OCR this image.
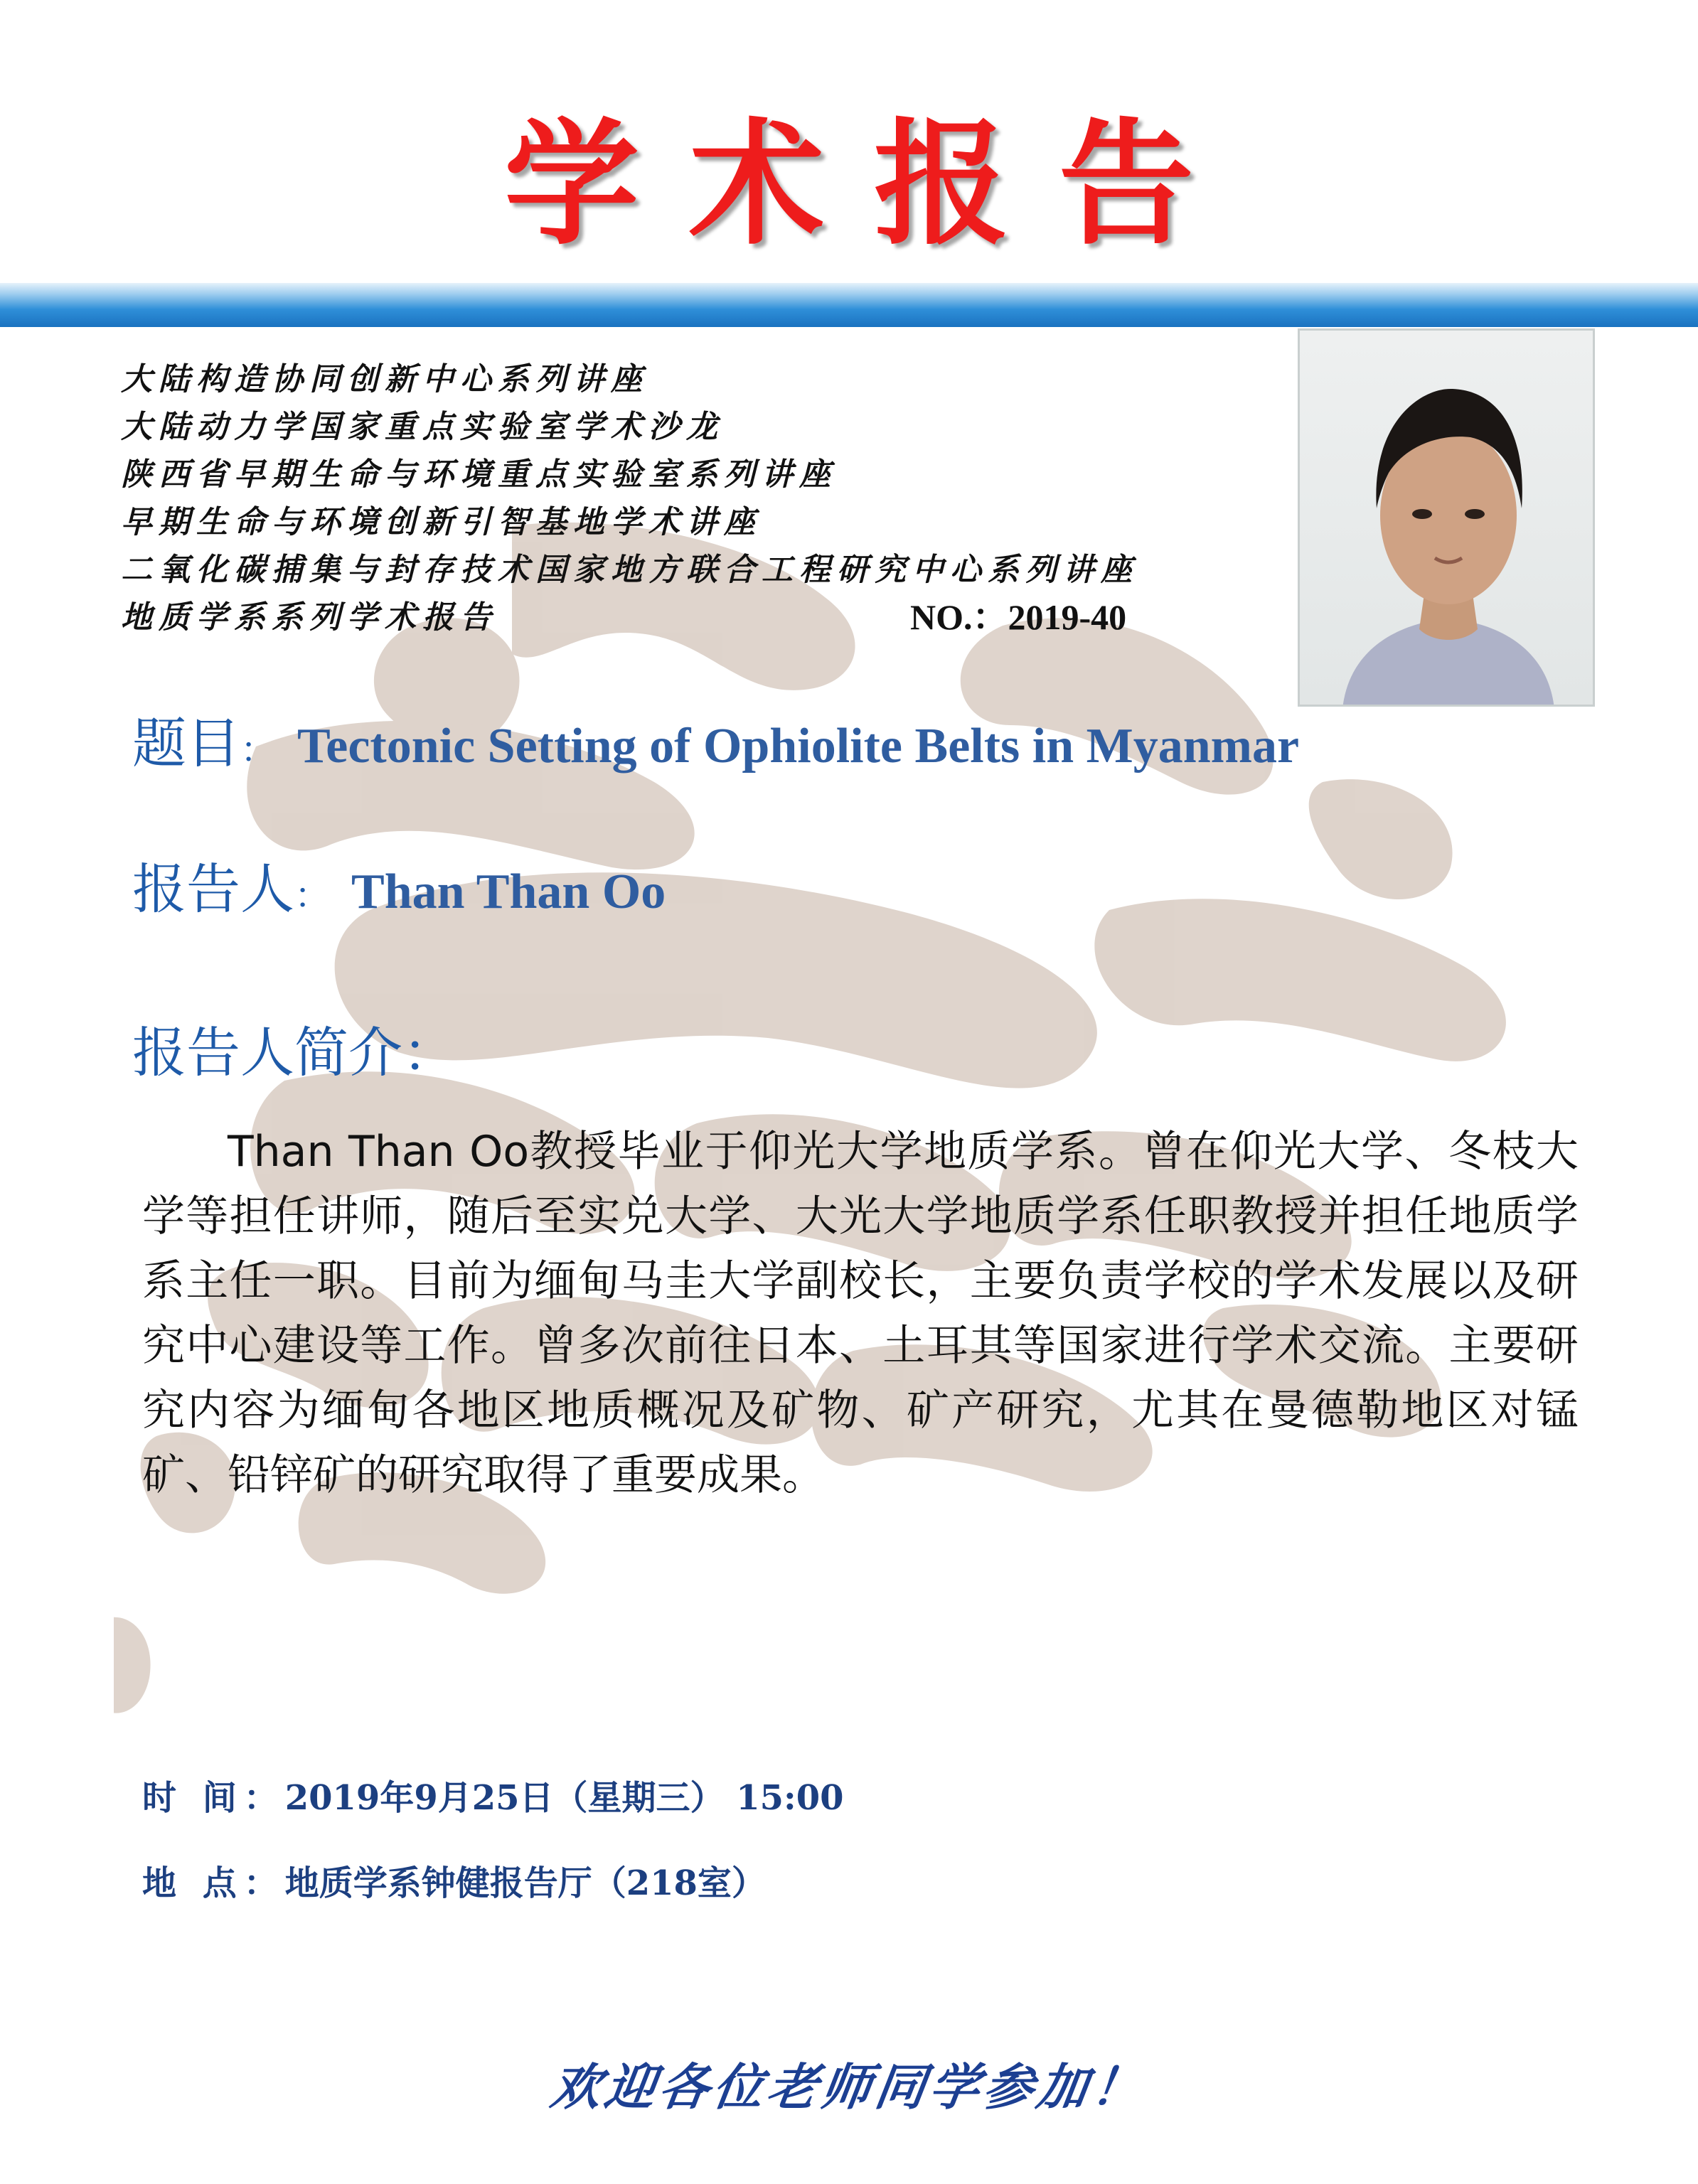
学术报告
大陆构造协同创新中心系列讲座
大陆动力学国家重点实验室学术沙龙
陕西省早期生命与环境重点实验室系列讲座
早期生命与环境创新引智基地学术讲座
二氧化碳捕集与封存技术国家地方联合工程研究中心系列讲座
地质学系系列学术报告	NO.：2019-40
题目： Tectonic Setting of Ophiolite Belts in Myanmar
报告人： Than Than Oo
报告人简介：
Than Than Oo教授毕业于仰光大学地质学系。曾在仰光大学、冬枝大学等担任讲师，随后至实兑大学、大光大学地质学系任职教授并担任地质学系主任一职。目前为缅甸马圭大学副校长，主要负责学校的学术发展以及研究中心建设等工作。曾多次前往日本、土耳其等国家进行学术交流。主要研究内容为缅甸各地区地质概况及矿物、矿产研究，尤其在曼德勒地区对锰矿、铅锌矿的研究取得了重要成果。
时 间：2019年9月25日（星期三） 15:00
地 点：地质学系钟健报告厅（218室）
欢迎各位老师同学参加！
